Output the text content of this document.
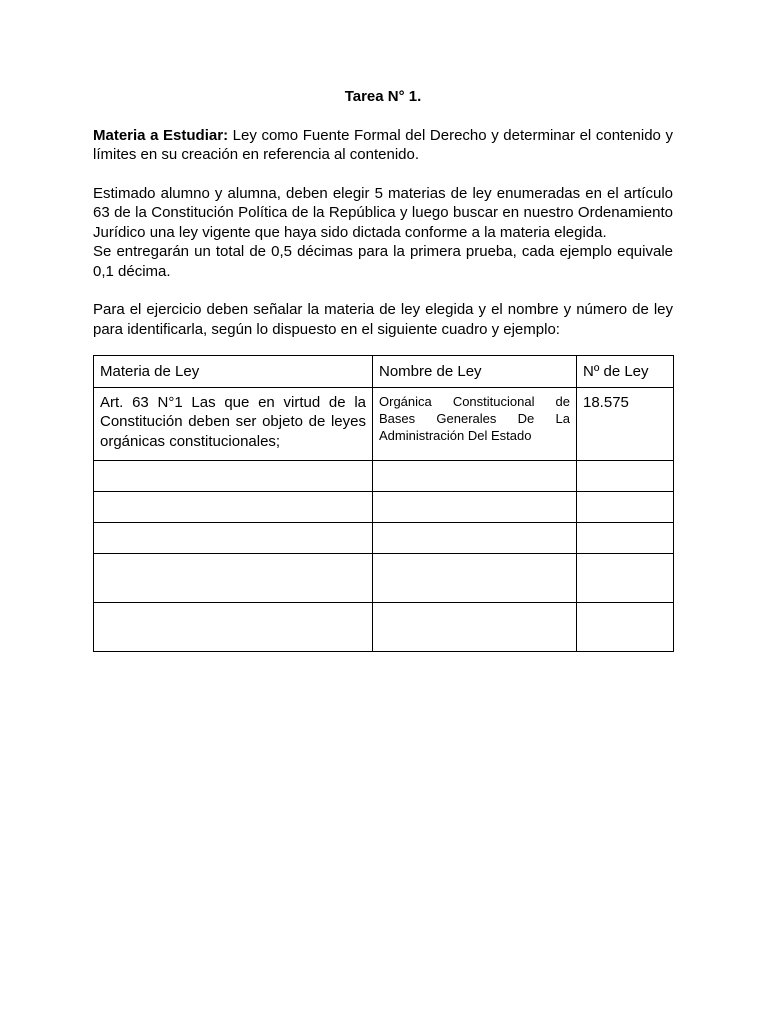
Tarea N° 1.

Materia a Estudiar: Ley como Fuente Formal del Derecho y determinar el contenido y límites en su creación en referencia al contenido.

Estimado alumno y alumna, deben elegir 5 materias de ley enumeradas en el artículo 63 de la Constitución Política de la República y luego buscar en nuestro Ordenamiento Jurídico una ley vigente que haya sido dictada conforme a la materia elegida.

Se entregarán un total de 0,5 décimas para la primera prueba, cada ejemplo equivale 0,1 décima.

Para el ejercicio deben señalar la materia de ley elegida y el nombre y número de ley para identificarla, según lo dispuesto en el siguiente cuadro y ejemplo:

Materia de Ley	Nombre de Ley	Nº de Ley

Art. 63 N°1 Las que en virtud de la Constitución deben ser objeto de leyes orgánicas constitucionales;	Orgánica Constitucional de Bases Generales De La Administración Del Estado	18.575
